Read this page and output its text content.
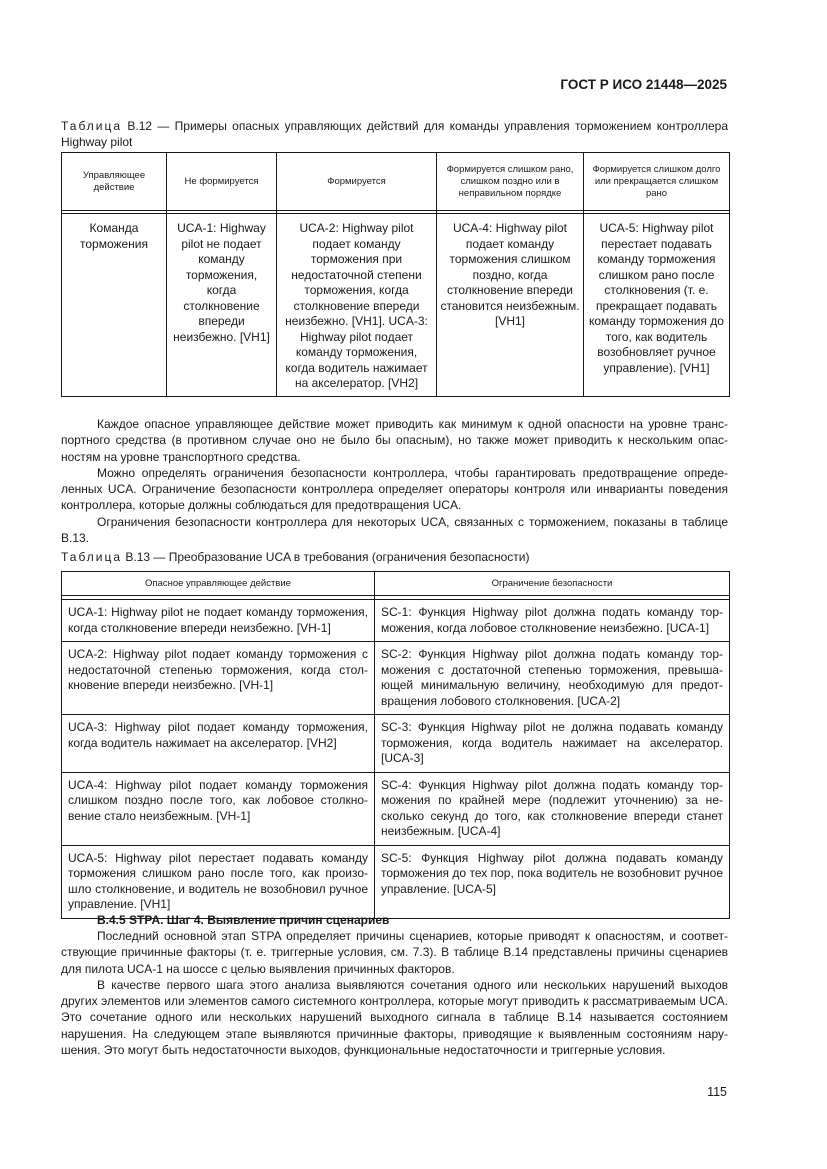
ГОСТ Р ИСО 21448—2025
Таблица В.12 — Примеры опасных управляющих действий для команды управления торможением контроллера Highway pilot
Управляющее действие	Не формируется	Формируется	Формируется слишком рано, слишком поздно или в неправильном порядке	Формируется слишком долго или прекращается слишком рано

Команда торможения	UCA-1: Highway pilot не подает команду торможения, когда столкновение впереди неизбежно. [VH1]	UCA-2: Highway pilot подает команду торможения при недостаточной степени торможения, когда столкновение впереди неизбежно. [VH1]. UCA-3: Highway pilot подает команду торможения, когда водитель нажимает на акселератор. [VH2]	UCA-4: Highway pilot подает команду торможения слишком поздно, когда столкновение впереди становится неизбежным. [VH1]	UCA-5: Highway pilot перестает подавать команду торможения слишком рано после столкновения (т. е. прекращает подавать команду торможения до того, как водитель возобновляет ручное управление). [VH1]

Каждое опасное управляющее действие может приводить как минимум к одной опасности на уровне транспортного средства (в противном случае оно не было бы опасным), но также может приводить к нескольким опасностям на уровне транспортного средства.

Можно определять ограничения безопасности контроллера, чтобы гарантировать предотвращение определенных UCA. Ограничение безопасности контроллера определяет операторы контроля или инварианты поведения контроллера, которые должны соблюдаться для предотвращения UCA.

Ограничения безопасности контроллера для некоторых UCA, связанных с торможением, показаны в таблице В.13.

Таблица В.13 — Преобразование UCA в требования (ограничения безопасности)
Опасное управляющее действие	Ограничение безопасности

UCA-1: Highway pilot не подает команду торможения, когда столкновение впереди неизбежно. [VH-1]	SC-1: Функция Highway pilot должна подать команду торможения, когда лобовое столкновение неизбежно. [UCA-1]
UCA-2: Highway pilot подает команду торможения с недостаточной степенью торможения, когда столкновение впереди неизбежно. [VH-1]	SC-2: Функция Highway pilot должна подать команду торможения с достаточной степенью торможения, превышающей минимальную величину, необходимую для предотвращения лобового столкновения. [UCA-2]
UCA-3: Highway pilot подает команду торможения, когда водитель нажимает на акселератор. [VH2]	SC-3: Функция Highway pilot не должна подавать команду торможения, когда водитель нажимает на акселератор. [UCA-3]
UCA-4: Highway pilot подает команду торможения слишком поздно после того, как лобовое столкновение стало неизбежным. [VH-1]	SC-4: Функция Highway pilot должна подать команду торможения по крайней мере (подлежит уточнению) за несколько секунд до того, как столкновение впереди станет неизбежным. [UCA-4]
UCA-5: Highway pilot перестает подавать команду торможения слишком рано после того, как произошло столкновение, и водитель не возобновил ручное управление. [VH1]	SC-5: Функция Highway pilot должна подавать команду торможения до тех пор, пока водитель не возобновит ручное управление. [UCA-5]

В.4.5 STPA. Шаг 4. Выявление причин сценариев

Последний основной этап STPA определяет причины сценариев, которые приводят к опасностям, и соответствующие причинные факторы (т. е. триггерные условия, см. 7.3). В таблице В.14 представлены причины сценариев для пилота UCA-1 на шоссе с целью выявления причинных факторов.

В качестве первого шага этого анализа выявляются сочетания одного или нескольких нарушений выходов других элементов или элементов самого системного контроллера, которые могут приводить к рассматриваемым UCA. Это сочетание одного или нескольких нарушений выходного сигнала в таблице В.14 называется состоянием нарушения. На следующем этапе выявляются причинные факторы, приводящие к выявленным состояниям нарушения. Это могут быть недостаточности выходов, функциональные недостаточности и триггерные условия.

115
